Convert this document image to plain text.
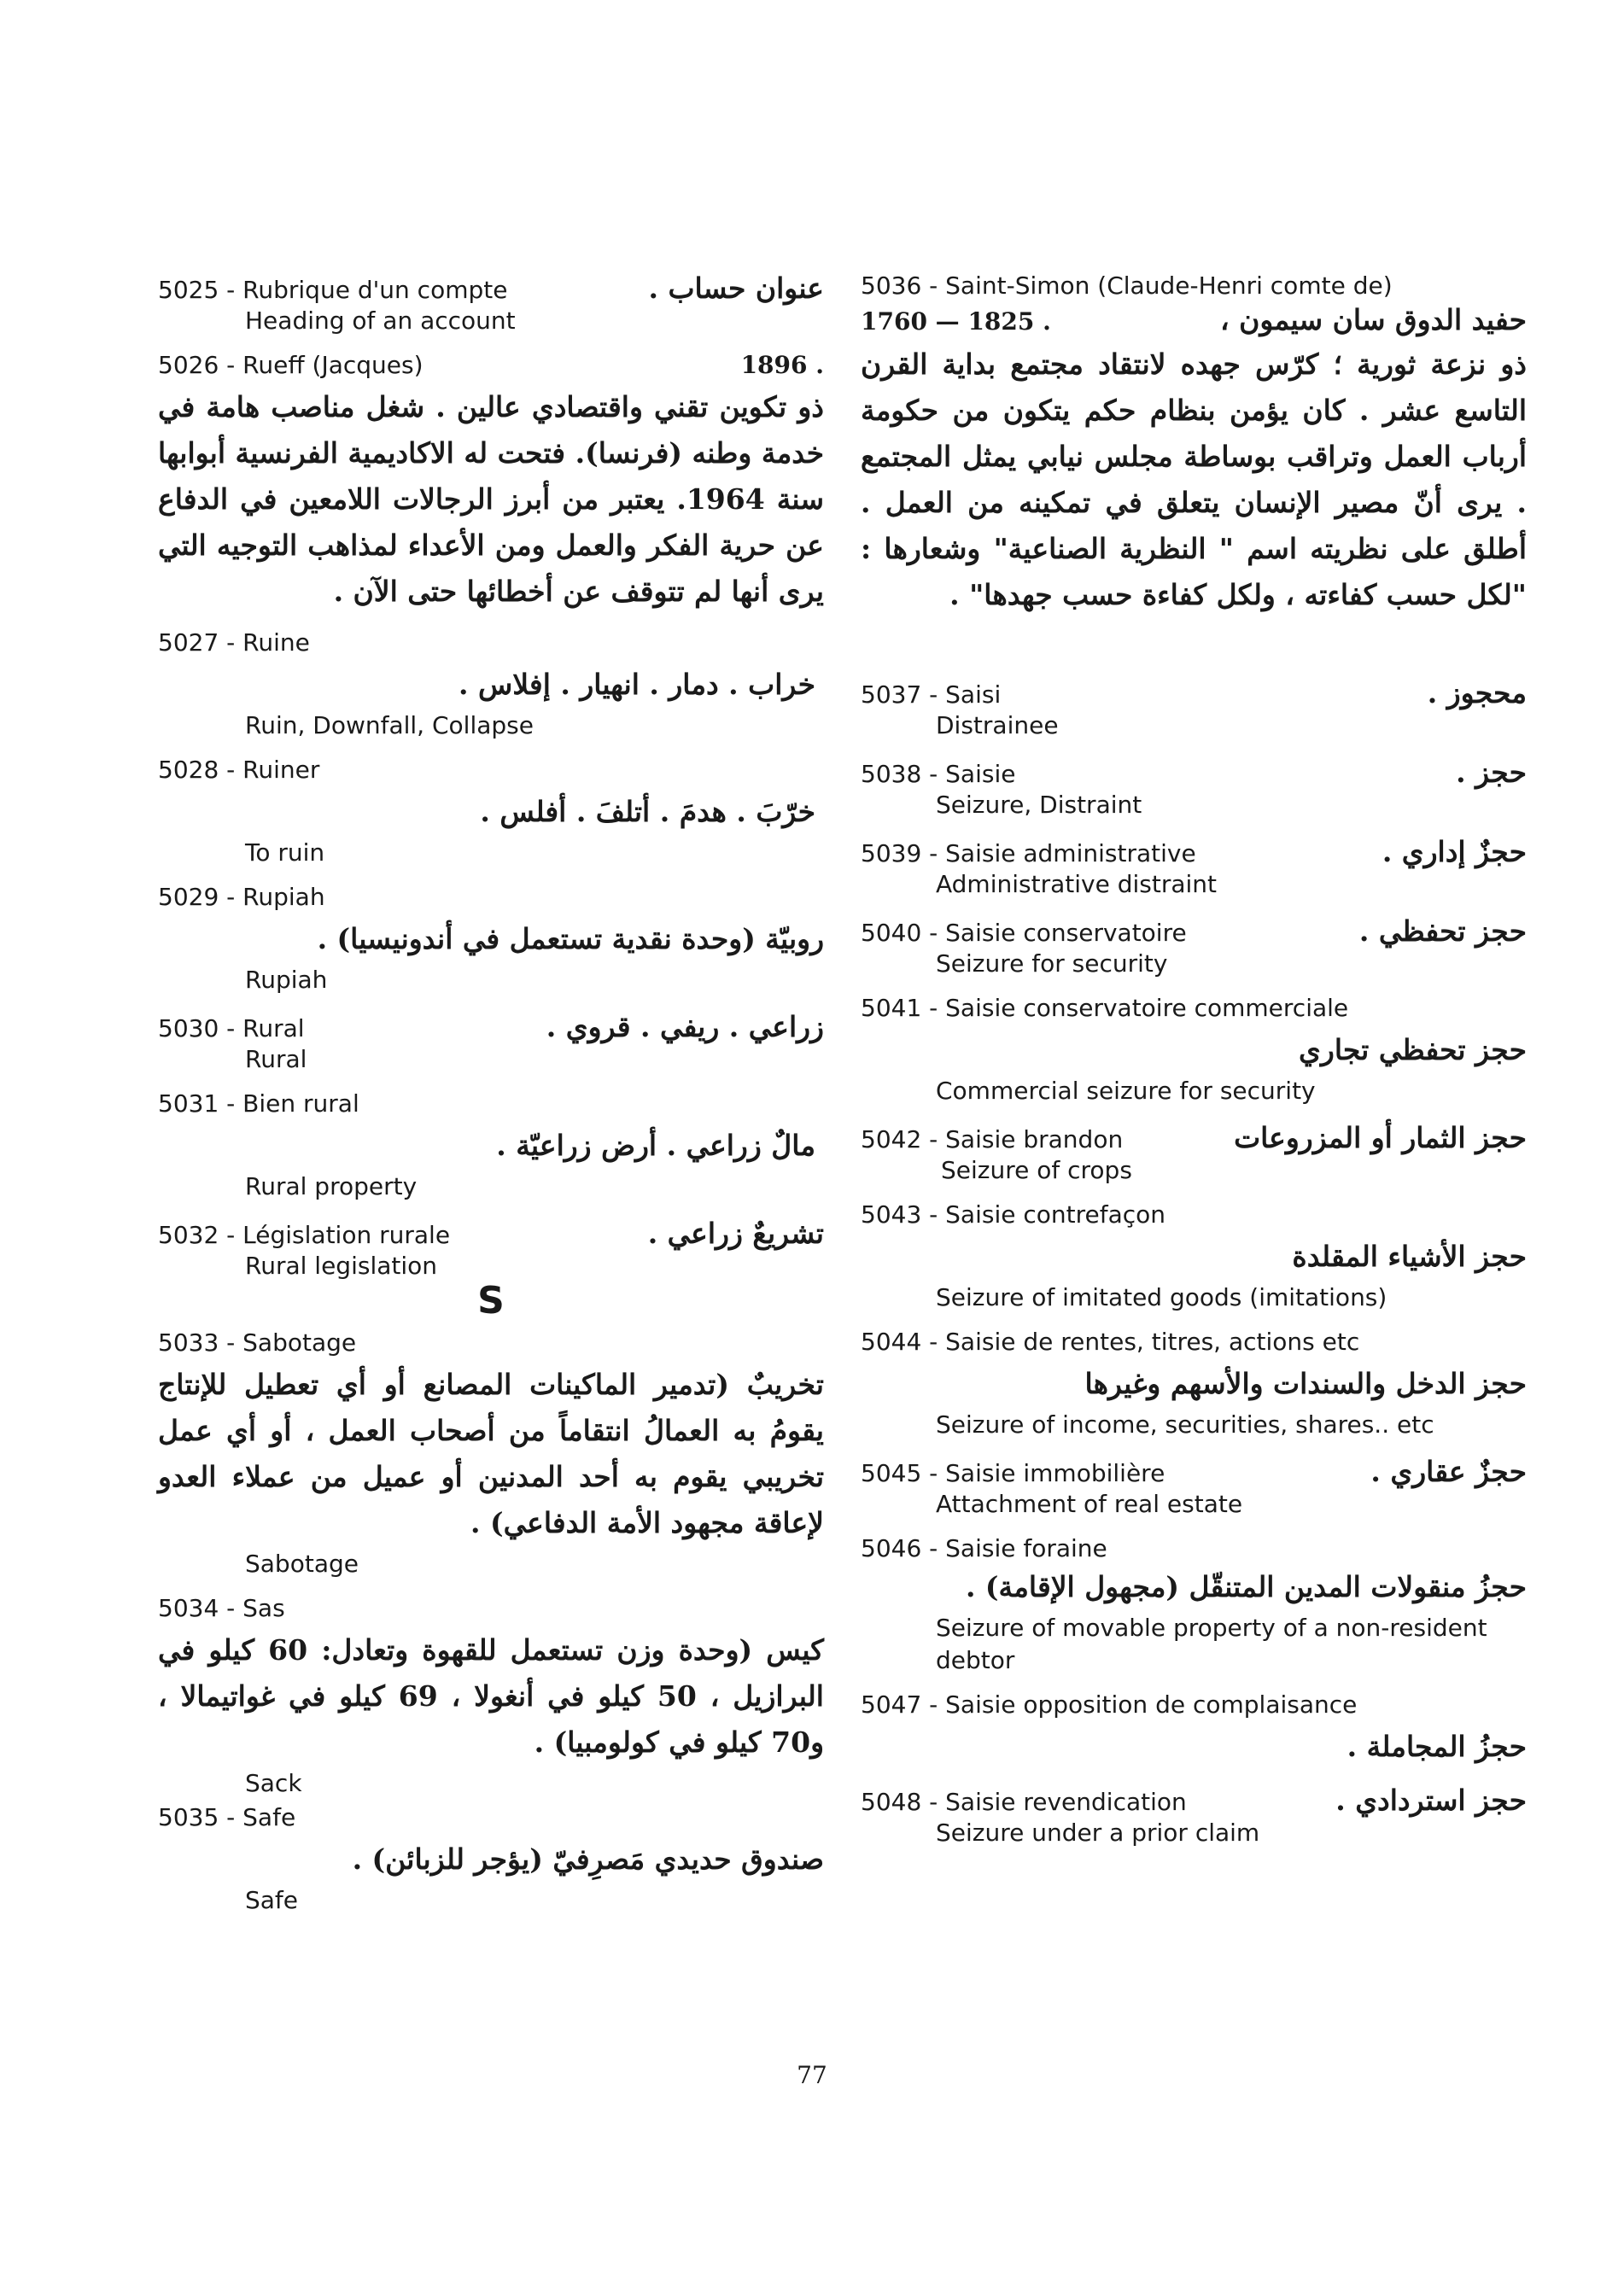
5025 - Rubrique d'un compte	عنوان حساب .
Heading of an account
5026 - Rueff (Jacques)	. 1896
ذو تكوين تقني واقتصادي عالين . شغل مناصب هامة في خدمة وطنه (فرنسا). فتحت له الاكاديمية الفرنسية أبوابها سنة 1964. يعتبر من أبرز الرجالات اللامعين في الدفاع عن حرية الفكر والعمل ومن الأعداء لمذاهب التوجيه التي يرى أنها لم تتوقف عن أخطائها حتى الآن .
5027 - Ruine
خراب . دمار . انهيار . إفلاس .
Ruin, Downfall, Collapse
5028 - Ruiner
خرّبَ . هدمَ . أتلفَ . أفلس .
To ruin
5029 - Rupiah
روبيّة (وحدة نقدية تستعمل في أندونيسيا) .
Rupiah
5030 - Rural	زراعي . ريفي . قروي .
Rural
5031 - Bien rural
مالٌ زراعي . أرض زراعيّة .
Rural property
5032 - Législation rurale	تشريعٌ زراعي .
Rural legislation
S
5033 - Sabotage
تخريبٌ (تدمير الماكينات المصانع أو أي تعطيل للإنتاج يقومُ به العمالُ انتقاماً من أصحاب العمل ، أو أي عمل تخريبي يقوم به أحد المدنين أو عميل من عملاء العدو لإعاقة مجهود الأمة الدفاعي) .
Sabotage
5034 - Sas
كيس (وحدة وزن تستعمل للقهوة وتعادل: 60 كيلو في البرازيل ، 50 كيلو في أنغولا ، 69 كيلو في غواتيمالا ، و70 كيلو في كولومبيا) .
Sack
5035 - Safe
صندوق حديدي مَصرِفيّ (يؤجر للزبائن) .
Safe
5036 - Saint-Simon (Claude-Henri comte de)
حفيد الدوق سان سيمون ،
. 1825 — 1760
ذو نزعة ثورية ؛ كرّس جهده لانتقاد مجتمع بداية القرن التاسع عشر . كان يؤمن بنظام حكم يتكون من حكومة أرباب العمل وتراقب بوساطة مجلس نيابي يمثل المجتمع . يرى أنّ مصير الإنسان يتعلق في تمكينه من العمل . أطلق على نظريته اسم " النظرية الصناعية" وشعارها : "لكل حسب كفاءته ، ولكل كفاءة حسب جهدها" .
5037 - Saisi	محجوز .
Distrainee
5038 - Saisie	حجز .
Seizure, Distraint
5039 - Saisie administrative	حجزٌ إداري .
Administrative distraint
5040 - Saisie conservatoire	حجز تحفظي .
Seizure for security
5041 - Saisie conservatoire commerciale
حجز تحفظي تجاري
Commercial seizure for security
5042 - Saisie brandon	حجز الثمار أو المزروعات
Seizure of crops
5043 - Saisie contrefaçon
حجز الأشياء المقلدة
Seizure of imitated goods (imitations)
5044 - Saisie de rentes, titres, actions etc
حجز الدخل والسندات والأسهم وغيرها
Seizure of income, securities, shares.. etc
5045 - Saisie immobilière	حجزٌ عقاري .
Attachment of real estate
5046 - Saisie foraine
حجزُ منقولات المدين المتنقّل (مجهول الإقامة) .
Seizure of movable property of a non-resident debtor
5047 - Saisie opposition de complaisance
حجزُ المجاملة .
5048 - Saisie revendication	حجز استردادي .
Seizure under a prior claim
77
